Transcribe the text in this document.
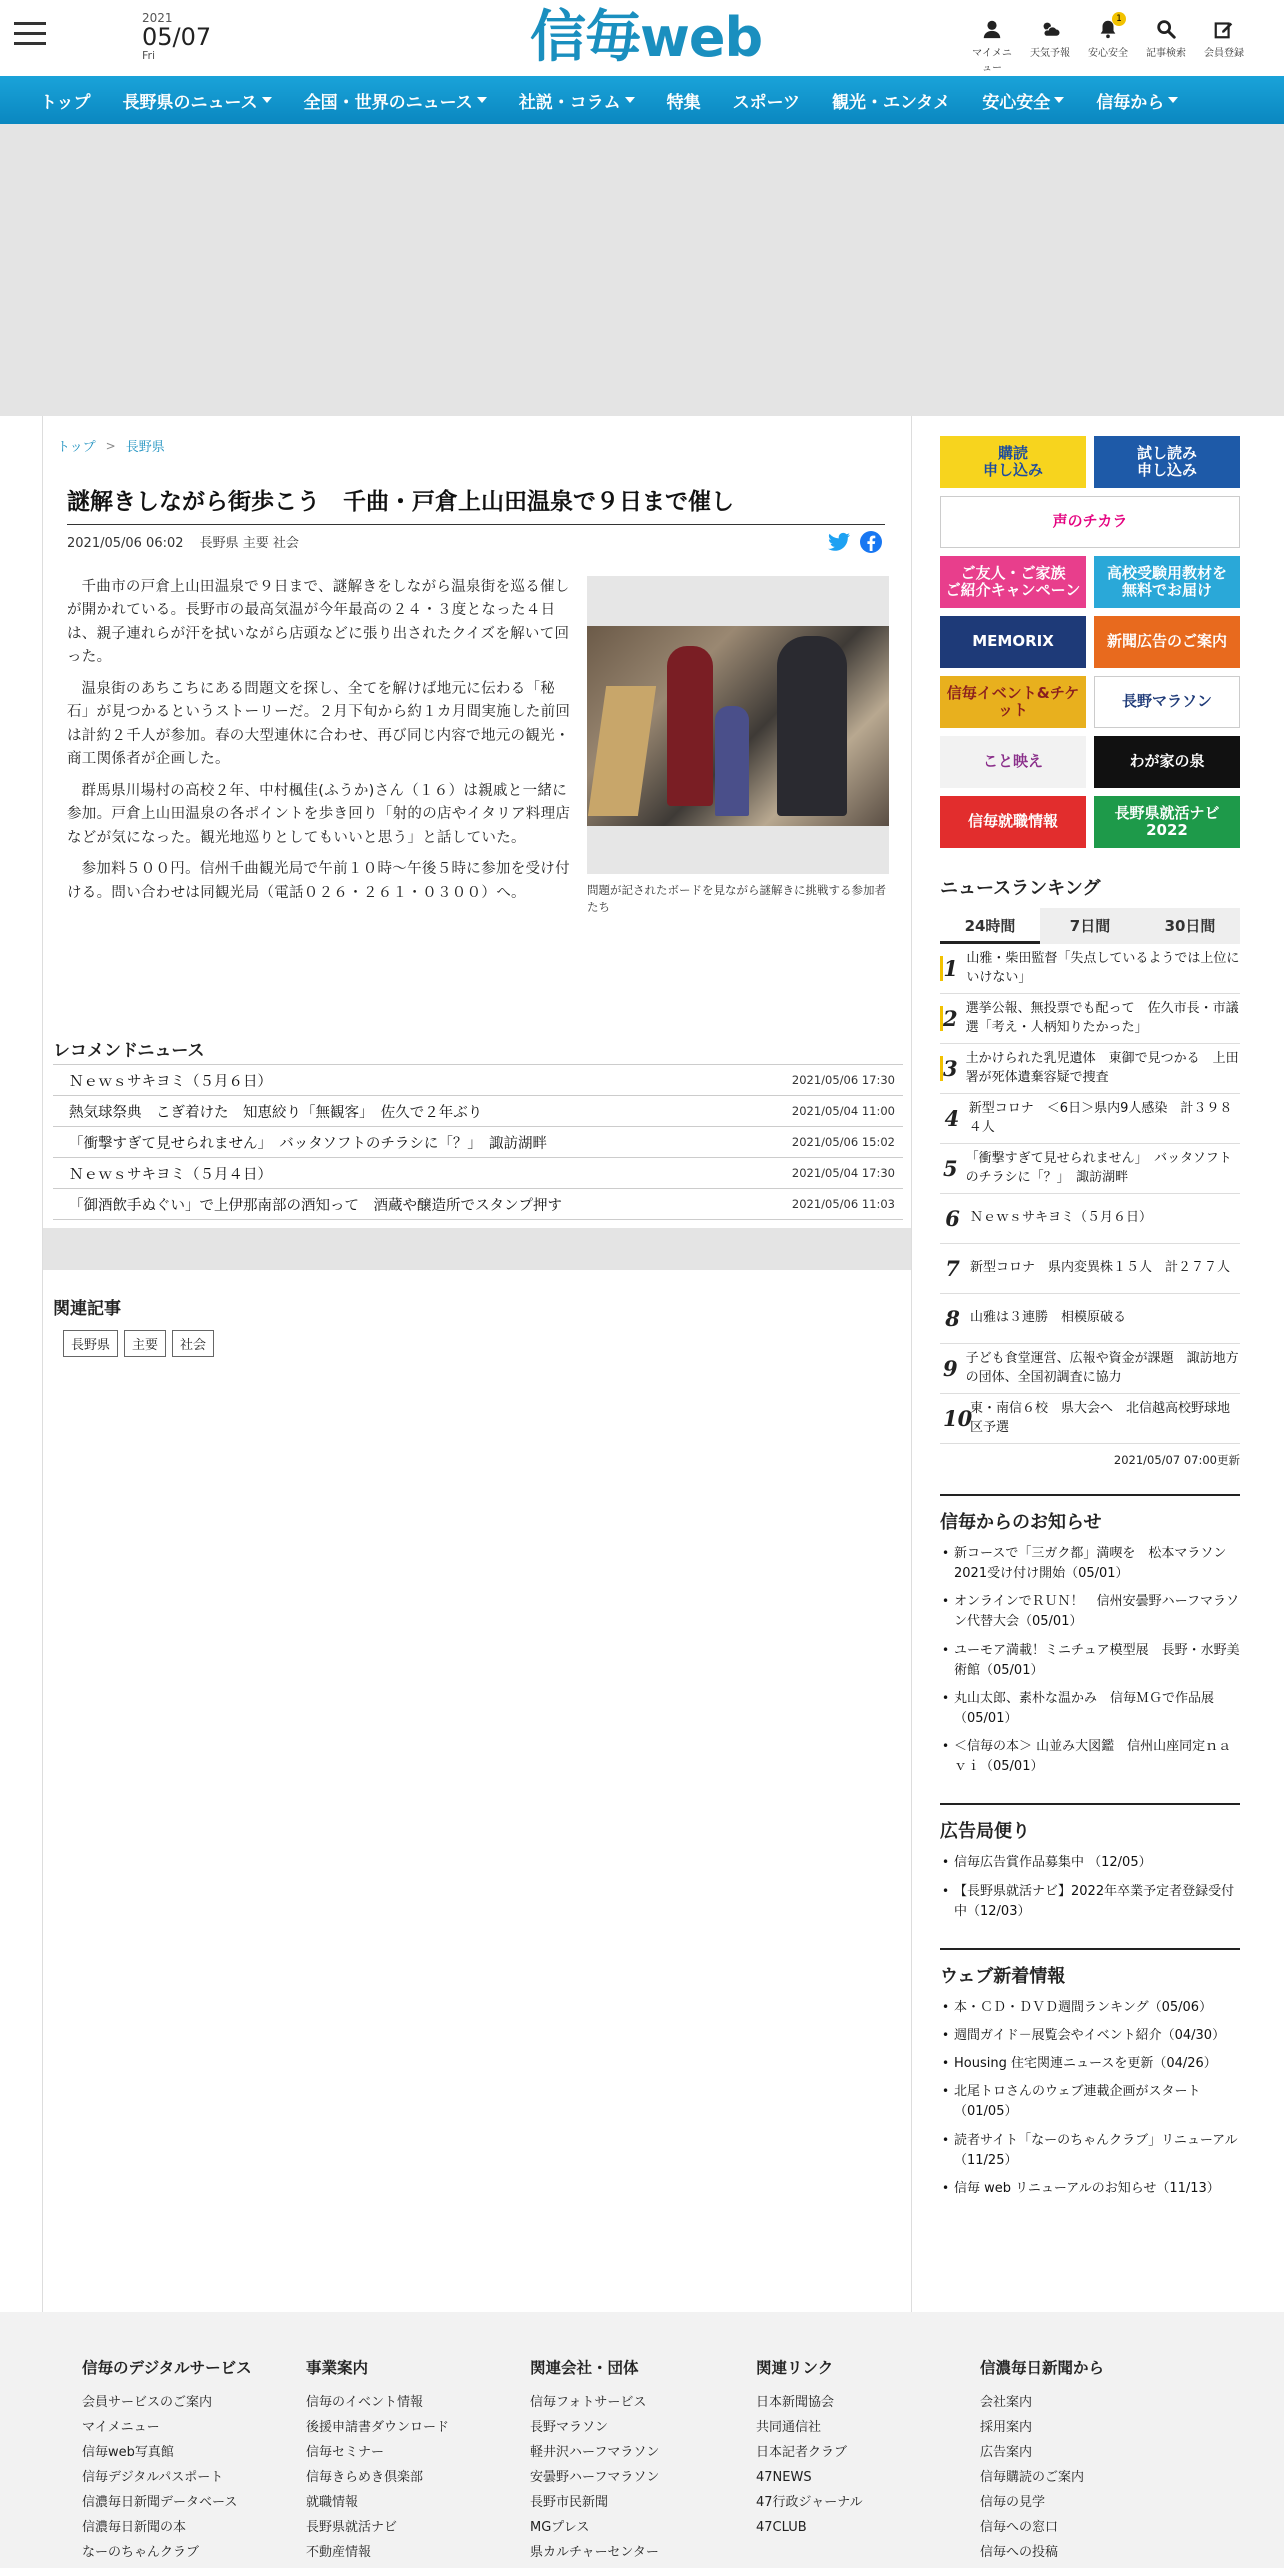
2021
05/07
Fri	信毎web	マイメニュー
天気予報
1
安心安全	記事検索	会員登録
トップ 長野県のニュース	全国・世界のニュース	社説・コラム	特集 スポーツ 観光・エンタメ 安心安全	信毎から
トップ > 長野県
謎解きしながら街歩こう　千曲・戸倉上山田温泉で９日まで催し
2021/05/06 06:02 長野県 主要 社会

千曲市の戸倉上山田温泉で９日まで、謎解きをしながら温泉街を巡る催しが開かれている。長野市の最高気温が今年最高の２４・３度となった４日は、親子連れらが汗を拭いながら店頭などに張り出されたクイズを解いて回った。

温泉街のあちこちにある問題文を探し、全てを解けば地元に伝わる「秘石」が見つかるというストーリーだ。２月下旬から約１カ月間実施した前回は計約２千人が参加。春の大型連休に合わせ、再び同じ内容で地元の観光・商工関係者が企画した。

群馬県川場村の高校２年、中村楓佳(ふうか)さん（１６）は親戚と一緒に参加。戸倉上山田温泉の各ポイントを歩き回り「射的の店やイタリア料理店などが気になった。観光地巡りとしてもいいと思う」と話していた。

参加料５００円。信州千曲観光局で午前１０時～午後５時に参加を受け付ける。問い合わせは同観光局（電話０２６・２６１・０３００）へ。	問題が記されたボードを見ながら謎解きに挑戦する参加者たち
レコメンドニュース
Ｎｅｗｓサキヨミ（５月６日）	2021/05/06 17:30
熱気球祭典　こぎ着けた　知恵絞り「無観客」　佐久で２年ぶり	2021/05/04 11:00
「衝撃すぎて見せられません」　バッタソフトのチラシに「？」　諏訪湖畔	2021/05/06 15:02
Ｎｅｗｓサキヨミ（５月４日）	2021/05/04 17:30
「御酒飲手ぬぐい」で上伊那南部の酒知って　酒蔵や醸造所でスタンプ押す	2021/05/06 11:03
関連記事
長野県	主要	社会
購読
申し込み
試し読み
申し込み
声のチカラ
ご友人・ご家族
ご紹介キャンペーン
高校受験用教材を
無料でお届け
MEMORIX	新聞広告のご案内
信毎イベント&チケット	長野マラソン
こと映え	わが家の泉
信毎就職情報	長野県就活ナビ2022
ニュースランキング
24時間	7日間	30日間
1 山雅・柴田監督「失点しているようでは上位にいけない」
2 選挙公報、無投票でも配って　佐久市長・市議選「考え・人柄知りたかった」
3 土かけられた乳児遺体　東御で見つかる　上田署が死体遺棄容疑で捜査
4 新型コロナ　＜6日＞県内9人感染　計３９８４人
5 「衝撃すぎて見せられません」　バッタソフトのチラシに「？」　諏訪湖畔
6 Ｎｅｗｓサキヨミ（５月６日）
7 新型コロナ　県内変異株１５人　計２７７人
8 山雅は３連勝　相模原破る
9 子ども食堂運営、広報や資金が課題　諏訪地方の団体、全国初調査に協力
10
東・南信６校　県大会へ　北信越高校野球地区予選
2021/05/07 07:00更新
信毎からのお知らせ
• 新コースで「三ガク都」満喫を　松本マラソン2021受け付け開始（05/01）
• オンラインでＲＵＮ！　信州安曇野ハーフマラソン代替大会（05/01）
• ユーモア満載！ミニチュア模型展　長野・水野美術館（05/01）
• 丸山太郎、素朴な温かみ　信毎ＭＧで作品展（05/01）
• ＜信毎の本＞ 山並み大図鑑　信州山座同定ｎａｖｉ（05/01）
広告局便り
• 信毎広告賞作品募集中 （12/05）
• 【長野県就活ナビ】2022年卒業予定者登録受付中（12/03）
ウェブ新着情報
• 本・ＣＤ・ＤＶＤ週間ランキング（05/06）
• 週間ガイド－展覧会やイベント紹介（04/30）
• Housing 住宅関連ニュースを更新（04/26）
• 北尾トロさんのウェブ連載企画がスタート（01/05）
• 読者サイト「なーのちゃんクラブ」リニューアル（11/25）
• 信毎 web リニューアルのお知らせ（11/13）
信毎のデジタルサービス
会員サービスのご案内
マイメニュー
信毎web写真館
信毎デジタルパスポート
信濃毎日新聞データベース
信濃毎日新聞の本
なーのちゃんクラブ
事業案内
信毎のイベント情報
後援申請書ダウンロード
信毎セミナー
信毎きらめき倶楽部
就職情報
長野県就活ナビ
不動産情報
関連会社・団体
信毎フォトサービス
長野マラソン
軽井沢ハーフマラソン
安曇野ハーフマラソン
長野市民新聞
MGプレス
県カルチャーセンター
関連リンク
日本新聞協会
共同通信社
日本記者クラブ
47NEWS
47行政ジャーナル
47CLUB
信濃毎日新聞から
会社案内
採用案内
広告案内
信毎購読のご案内
信毎の見学
信毎への窓口
信毎への投稿
